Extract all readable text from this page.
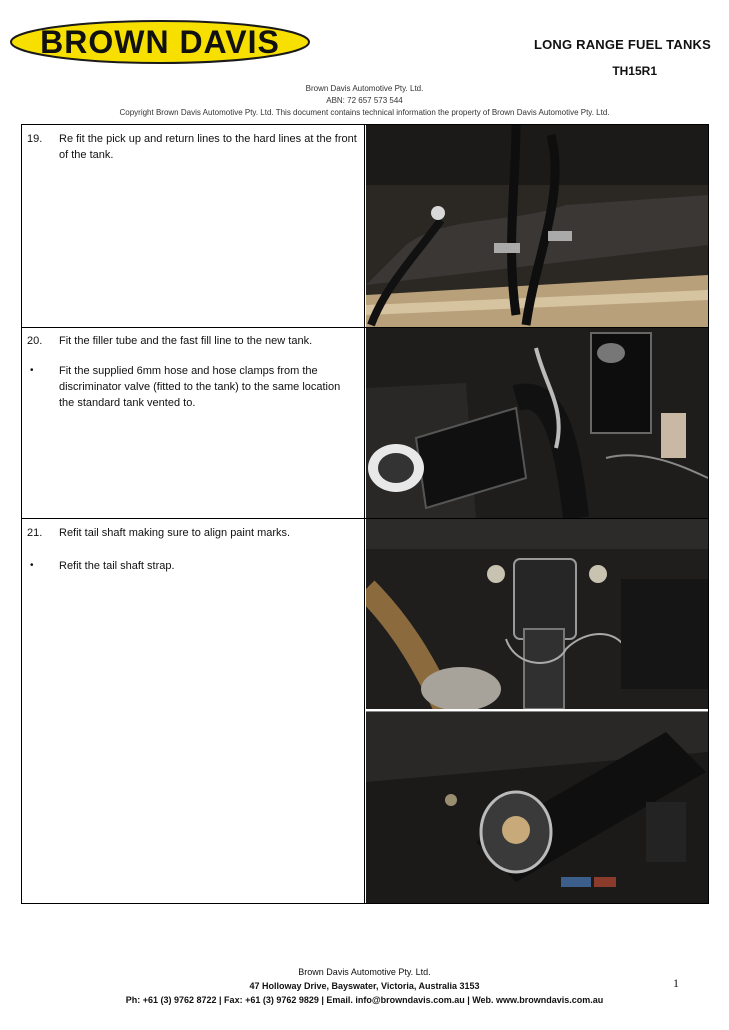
BROWN DAVIS	LONG RANGE FUEL TANKS
TH15R1
Brown Davis Automotive Pty. Ltd.
ABN: 72 657 573 544
Copyright Brown Davis Automotive Pty. Ltd. This document contains technical information the property of Brown Davis Automotive Pty. Ltd.
19. Re fit the pick up and return lines to the hard lines at the front of the tank.
20. Fit the filler tube and the fast fill line to the new tank.
• Fit the supplied 6mm hose and hose clamps from the discriminator valve (fitted to the tank) to the same location the standard tank vented to.
21. Refit tail shaft making sure to align paint marks.
• Refit the tail shaft strap.
Brown Davis Automotive Pty. Ltd.
47 Holloway Drive, Bayswater, Victoria, Australia 3153
Ph: +61 (3) 9762 8722 | Fax: +61 (3) 9762 9829 | Email. info@browndavis.com.au | Web. www.browndavis.com.au
1
